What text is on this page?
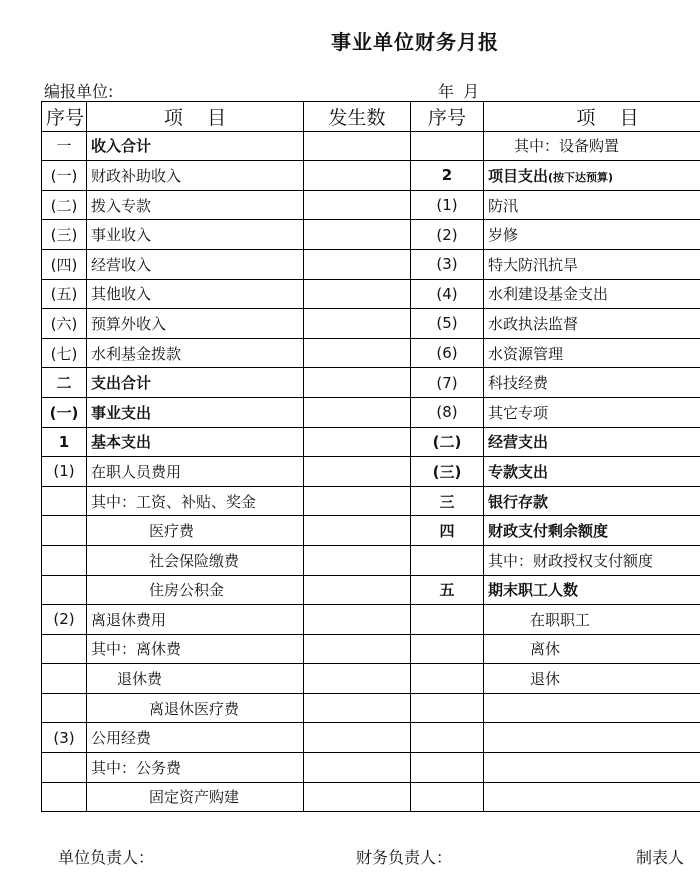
事业单位财务月报
编报单位:	年 月
序号	项    目	发生数	序号	项    目
一	收入合计			其中：设备购置
(一)	财政补助收入		2	项目支出(按下达预算)
(二)	拨入专款		(1)	防汛
(三)	事业收入		(2)	岁修
(四)	经营收入		(3)	特大防汛抗旱
(五)	其他收入		(4)	水利建设基金支出
(六)	预算外收入		(5)	水政执法监督
(七)	水利基金拨款		(6)	水资源管理
二	支出合计		(7)	科技经费
(一)	事业支出		(8)	其它专项
1	基本支出		(二)	经营支出
(1)	在职人员费用		(三)	专款支出
	其中：工资、补贴、奖金		三	银行存款
	医疗费		四	财政支付剩余额度
	社会保险缴费			其中：财政授权支付额度
	住房公积金		五	期末职工人数
(2)	离退休费用			在职职工
	其中：离休费			离休
	退休费			退休
	离退休医疗费			
(3)	公用经费			
	其中：公务费			
	固定资产购建			
单位负责人：	财务负责人：	制表人
